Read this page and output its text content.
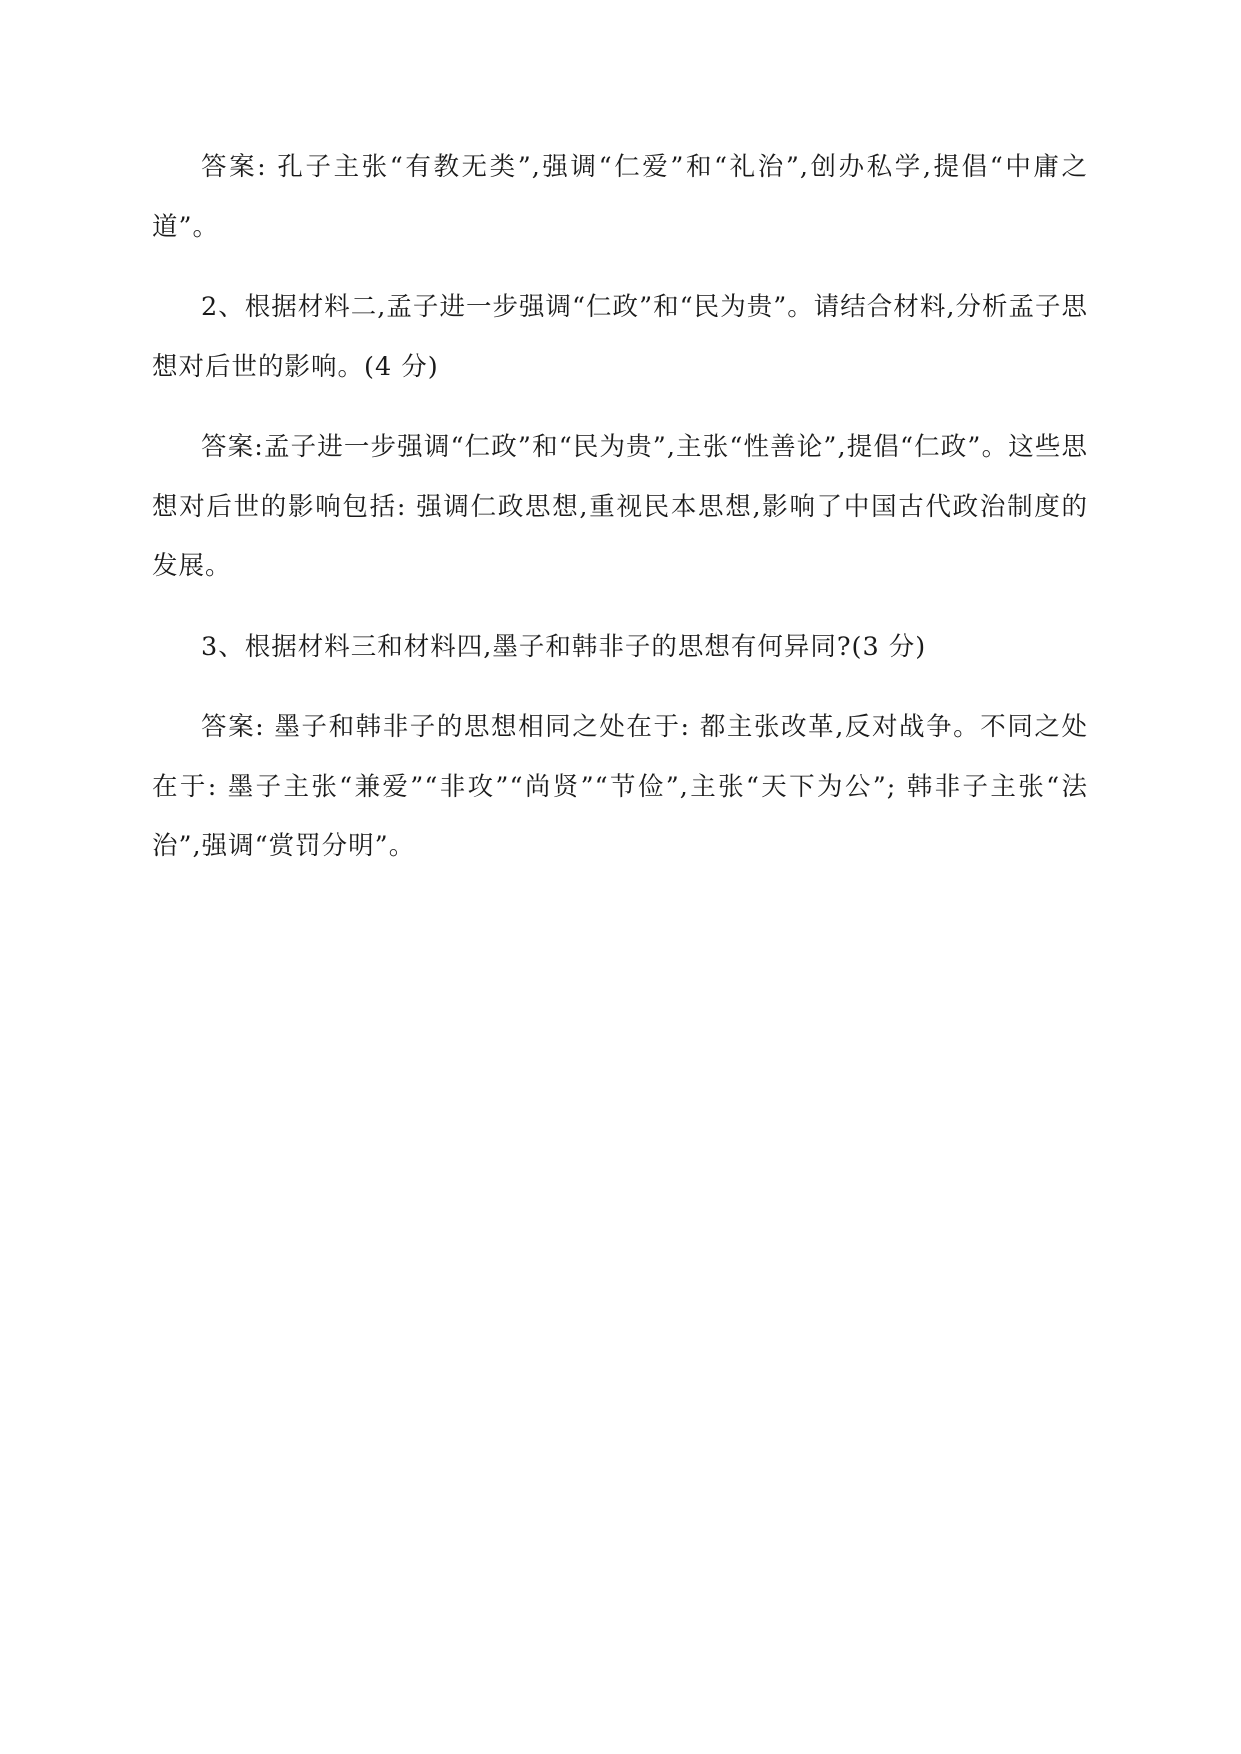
答案: 孔子主张“有教无类”,强调“仁爱”和“礼治”,创办私学,提倡“中庸之道”。

2、根据材料二,孟子进一步强调“仁政”和“民为贵”。请结合材料,分析孟子思想对后世的影响。(4 分)

答案:孟子进一步强调“仁政”和“民为贵”,主张“性善论”,提倡“仁政”。这些思想对后世的影响包括: 强调仁政思想,重视民本思想,影响了中国古代政治制度的发展。

3、根据材料三和材料四,墨子和韩非子的思想有何异同?(3 分)

答案: 墨子和韩非子的思想相同之处在于: 都主张改革,反对战争。不同之处在于: 墨子主张“兼爱”“非攻”“尚贤”“节俭”,主张“天下为公”; 韩非子主张“法治”,强调“赏罚分明”。
